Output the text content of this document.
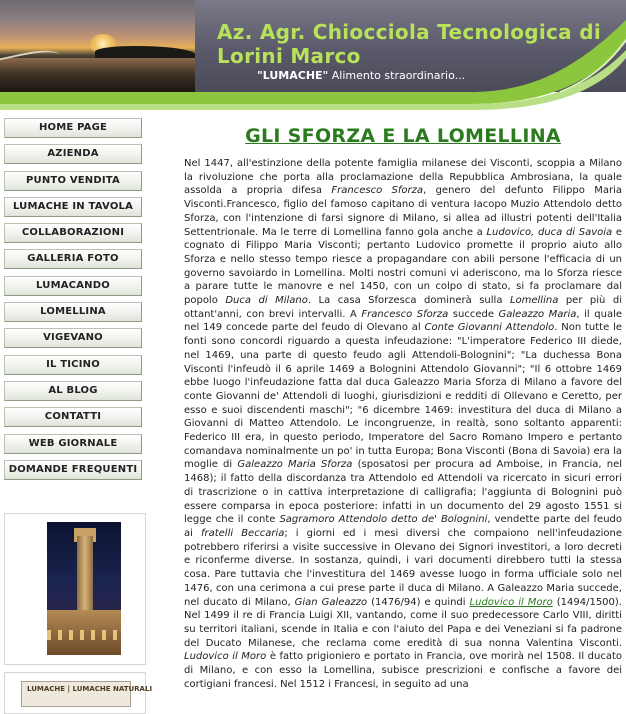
Az. Agr. Chiocciola Tecnologica di
Lorini Marco
"LUMACHE" Alimento straordinario...
HOME PAGE
AZIENDA
PUNTO VENDITA
LUMACHE IN TAVOLA
COLLABORAZIONI
GALLERIA FOTO
LUMACANDO
LOMELLINA
VIGEVANO
IL TICINO
AL BLOG
CONTATTI
WEB GIORNALE
DOMANDE FREQUENTI
LUMACHE | LUMACHE NATURALI
GLI SFORZA E LA LOMELLINA
Nel 1447, all'estinzione della potente famiglia milanese dei Visconti, scoppia a Milano la rivoluzione che porta alla proclamazione della Repubblica Ambrosiana, la quale assolda a propria difesa Francesco Sforza, genero del defunto Filippo Maria Visconti.Francesco, figlio del famoso capitano di ventura Iacopo Muzio Attendolo detto Sforza, con l'intenzione di farsi signore di Milano, si allea ad illustri potenti dell'Italia Settentrionale. Ma le terre di Lomellina fanno gola anche a Ludovico, duca di Savoia e cognato di Filippo Maria Visconti; pertanto Ludovico promette il proprio aiuto allo Sforza e nello stesso tempo riesce a propagandare con abili persone l'efficacia di un governo savoiardo in Lomellina. Molti nostri comuni vi aderiscono, ma lo Sforza riesce a parare tutte le manovre e nel 1450, con un colpo di stato, si fa proclamare dal popolo Duca di Milano. La casa Sforzesca dominerà sulla Lomellina per più di ottant'anni, con brevi intervalli. A Francesco Sforza succede Galeazzo Maria, il quale nel 149 concede parte del feudo di Olevano al Conte Giovanni Attendolo. Non tutte le fonti sono concordi riguardo a questa infeudazione: "L'imperatore Federico III diede, nel 1469, una parte di questo feudo agli Attendoli-Bolognini"; "La duchessa Bona Visconti l'infeudò il 6 aprile 1469 a Bolognini Attendolo Giovanni"; "Il 6 ottobre 1469 ebbe luogo l'infeudazione fatta dal duca Galeazzo Maria Sforza di Milano a favore del conte Giovanni de' Attendoli di luoghi, giurisdizioni e redditi di Ollevano e Ceretto, per esso e suoi discendenti maschi"; "6 dicembre 1469: investitura del duca di Milano a Giovanni di Matteo Attendolo. Le incongruenze, in realtà, sono soltanto apparenti: Federico III era, in questo periodo, Imperatore del Sacro Romano Impero e pertanto comandava nominalmente un po' in tutta Europa; Bona Visconti (Bona di Savoia) era la moglie di Galeazzo Maria Sforza (sposatosi per procura ad Amboise, in Francia, nel 1468); il fatto della discordanza tra Attendolo ed Attendoli va ricercato in sicuri errori di trascrizione o in cattiva interpretazione di calligrafia; l'aggiunta di Bolognini può essere comparsa in epoca posteriore: infatti in un documento del 29 agosto 1551 si legge che il conte Sagramoro Attendolo detto de' Bolognini, vendette parte del feudo ai fratelli Beccaria; i giorni ed i mesi diversi che compaiono nell'infeudazione potrebbero riferirsi a visite successive in Olevano dei Signori investitori, a loro decreti e riconferme diverse. In sostanza, quindi, i vari documenti direbbero tutti la stessa cosa. Pare tuttavia che l'investitura del 1469 avesse luogo in forma ufficiale solo nel 1476, con una cerimona a cui prese parte il duca di Milano. A Galeazzo Maria succede, nel ducato di Milano, Gian Galeazzo (1476/94) e quindi Ludovico il Moro (1494/1500). Nel 1499 il re di Francia Luigi XII, vantando, come il suo predecessore Carlo VIII, diritti su territori italiani, scende in Italia e con l'aiuto del Papa e dei Veneziani si fa padrone del Ducato Milanese, che reclama come eredità di sua nonna Valentina Visconti. Ludovico il Moro è fatto prigioniero e portato in Francia, ove morirà nel 1508. Il ducato di Milano, e con esso la Lomellina, subisce prescrizioni e confische a favore dei cortigiani francesi. Nel 1512 i Francesi, in seguito ad una
